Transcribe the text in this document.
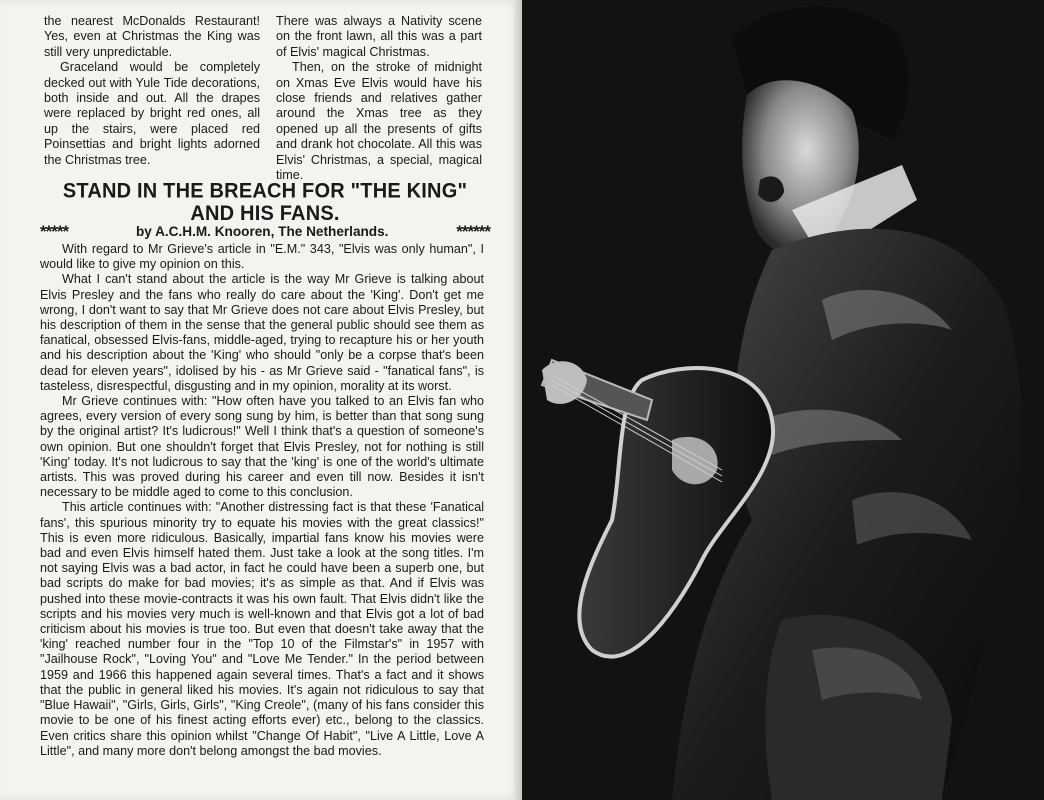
the nearest McDonalds Restaurant! Yes, even at Christmas the King was still very unpredictable.

Graceland would be completely decked out with Yule Tide decorations, both inside and out. All the drapes were replaced by bright red ones, all up the stairs, were placed red Poinsettias and bright lights adorned the Christmas tree.

There was always a Nativity scene on the front lawn, all this was a part of Elvis' magical Christmas.

Then, on the stroke of midnight on Xmas Eve Elvis would have his close friends and relatives gather around the Xmas tree as they opened up all the presents of gifts and drank hot chocolate. All this was Elvis' Christmas, a special, magical time.

STAND IN THE BREACH FOR "THE KING"
AND HIS FANS.
*****	by A.C.H.M. Knooren, The Netherlands.	******

With regard to Mr Grieve's article in "E.M." 343, "Elvis was only human", I would like to give my opinion on this.

What I can't stand about the article is the way Mr Grieve is talking about Elvis Presley and the fans who really do care about the 'King'. Don't get me wrong, I don't want to say that Mr Grieve does not care about Elvis Presley, but his description of them in the sense that the general public should see them as fanatical, obsessed Elvis-fans, middle-aged, trying to recapture his or her youth and his description about the 'King' who should "only be a corpse that's been dead for eleven years", idolised by his - as Mr Grieve said - "fanatical fans", is tasteless, disrespectful, disgusting and in my opinion, morality at its worst.

Mr Grieve continues with: "How often have you talked to an Elvis fan who agrees, every version of every song sung by him, is better than that song sung by the original artist? It's ludicrous!" Well I think that's a question of someone's own opinion. But one shouldn't forget that Elvis Presley, not for nothing is still 'King' today. It's not ludicrous to say that the 'king' is one of the world's ultimate artists. This was proved during his career and even till now. Besides it isn't necessary to be middle aged to come to this conclusion.

This article continues with: "Another distressing fact is that these 'Fanatical fans', this spurious minority try to equate his movies with the great classics!" This is even more ridiculous. Basically, impartial fans know his movies were bad and even Elvis himself hated them. Just take a look at the song titles. I'm not saying Elvis was a bad actor, in fact he could have been a superb one, but bad scripts do make for bad movies; it's as simple as that. And if Elvis was pushed into these movie-contracts it was his own fault. That Elvis didn't like the scripts and his movies very much is well-known and that Elvis got a lot of bad criticism about his movies is true too. But even that doesn't take away that the 'king' reached number four in the "Top 10 of the Filmstar's" in 1957 with "Jailhouse Rock", "Loving You" and "Love Me Tender." In the period between 1959 and 1966 this happened again several times. That's a fact and it shows that the public in general liked his movies. It's again not ridiculous to say that "Blue Hawaii", "Girls, Girls, Girls", "King Creole", (many of his fans consider this movie to be one of his finest acting efforts ever) etc., belong to the classics. Even critics share this opinion whilst "Change Of Habit", "Live A Little, Love A Little", and many more don't belong amongst the bad movies.
